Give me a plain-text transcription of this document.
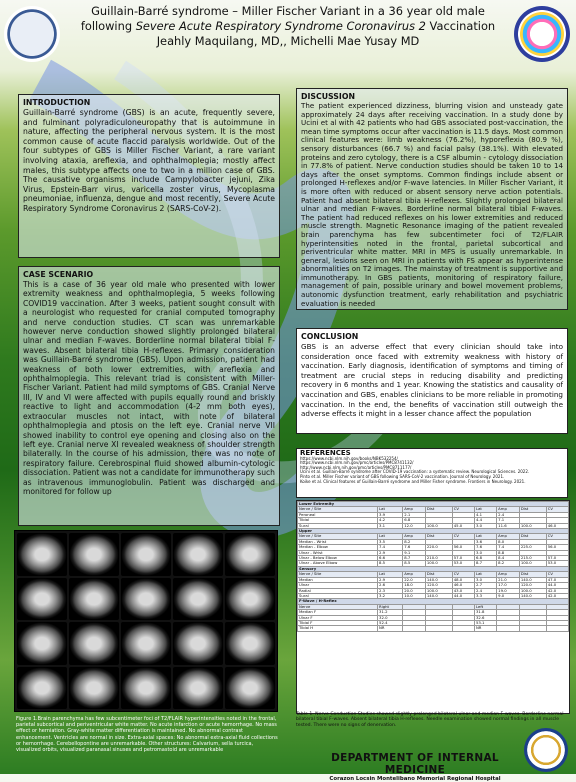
Guillain-Barré syndrome – Miller Fischer Variant in a 36 year old male
following Severe Acute Respiratory Syndrome Coronavirus 2 Vaccination
Jeahly Maquilang, MD,, Michelli Mae Yusay MD
INTRODUCTION
Guillain-Barré syndrome (GBS) is an acute, frequently severe, and fulminant polyradiculoneuropathy that is autoimmune in nature, affecting the peripheral nervous system. It is the most common cause of acute flaccid paralysis worldwide. Out of the four subtypes of GBS is Miller Fischer Variant, a rare variant involving ataxia, areflexia, and ophthalmoplegia; mostly affect males, this subtype affects one to two in a million case of GBS. The causative organisms include Campylobacter jejuni, Zika Virus, Epstein-Barr virus, varicella zoster virus, Mycoplasma pneumoniae, influenza, dengue and most recently, Severe Acute Respiratory Syndrome Coronavirus 2 (SARS-CoV-2).
CASE SCENARIO
This is a case of 36 year old male who presented with lower extremity weakness and ophthalmoplegia, 5 weeks following COVID19 vaccination. After 3 weeks, patient sought consult with a neurologist who requested for cranial computed tomography and nerve conduction studies. CT scan was unremarkable however nerve conduction showed slightly prolonged bilateral ulnar and median F-waves. Borderline normal bilateral tibial F-waves. Absent bilateral tibia H-reflexes. Primary consideration was Guillain-Barré syndrome (GBS). Upon admission, patient had weakness of both lower extremities, with areflexia and ophthalmoplegia. This relevant triad is consistent with Miller-Fischer Variant. Patient had mild symptoms of GBS. Cranial Nerve III, IV and VI were affected with pupils equally round and briskly reactive to light and accommodation (4-2 mm both eyes), extraocular muscles not intact, with note of bilateral ophthalmoplegia and ptosis on the left eye. Cranial nerve VII showed inability to control eye opening and closing also on the left eye. Cranial nerve XI revealed weakness of shoulder strength bilaterally. In the course of his admission, there was no note of respiratory failure. Cerebrospinal fluid showed albumin-cytologic dissociation. Patient was not a candidate for immunotherapy such as intravenous immunoglobulin. Patient was discharged and monitored for follow up
DISCUSSION
The patient experienced dizziness, blurring vision and unsteady gate approximately 24 days after receiving vaccination. In a study done by Ucini et al with 42 patients who had GBS associated post-vaccination, the mean time symptoms occur after vaccination is 11.5 days. Most common clinical features were: limb weakness (76.2%), hyporeflexia (80.9 %), sensory disturbances (66.7 %) and facial palsy (38.1%). With elevated proteins and zero cytology, there is a CSF albumin - cytology dissociation in 77.8% of patient. Nerve conduction studies should be taken 10 to 14 days after the onset symptoms. Common findings include absent or prolonged H-reflexes and/or F-wave latencies. In Miller Fischer Variant, it is more often with reduced or absent sensory nerve action potentials. Patient had absent bilateral tibia H-reflexes. Slightly prolonged bilateral ulnar and median F-waves. Borderline normal bilateral tibial F-waves. The patient had reduced reflexes on his lower extremities and reduced muscle strength. Magnetic Resonance imaging of the patient revealed brain parenchyma has few subcentimeter foci of T2/FLAIR hyperintensities noted in the frontal, parietal subcortical and periventricular white matter. MRI in MFS is usually unremarkable. In general, lesions seen on MRI in patients with FS appear as hyperintense abnormalities on T2 images. The mainstay of treatment is supportive and immunotherapy. In GBS patients, monitoring of respiratory failure, management of pain, possible urinary and bowel movement problems, autonomic dysfunction treatment, early rehabilitation and psychiatric evaluation is needed
CONCLUSION
GBS is an adverse effect that every clinician should take into consideration once faced with extremity weakness with history of vaccination. Early diagnosis, identification of symptoms and timing of treatment are crucial steps in reducing disability and predicting recovery in 6 months and 1 year. Knowing the statistics and causality of vaccination and GBS, enables clinicians to be more reliable in promoting vaccination. In the end, the benefits of vaccination still outweigh the adverse effects it might in a lesser chance affect the population
Figure 1.Brain parenchyma has few subcentimeter foci of T2/FLAIR hyperintensities noted in the frontal, parietal subcortical and periventricular white matter. No acute infarction or acute hemorrhage. No mass effect or herniation. Gray-white matter differentiation is maintained. No abnormal contrast enhancement. Ventricles are normal in size. Extra-axial spaces: No abnormal extra-axial fluid collections or hemorrhage. Cerebellopontine are unremarkable. Other structures: Calvarium, sella turcica, visualized orbits, visualized paranasal sinuses and petromastoid are unremarkable
REFERENCES
https://www.ncbi.nlm.nih.gov/books/NBK532254/
https://www.ncbi.nlm.nih.gov/pmc/articles/PMC8741132/
http://www.ncbi.nlm.nih.gov/pmc/articles/PMC8711177/
Ucini et al. Guillain-Barré syndrome after COVID-19 vaccination: a systematic review. Neurological Sciences. 2022.
Pinto et al. Miller Fischer variant of GBS following SARS-CoV-2 vaccination. Journal of Neurology. 2021.
Koike et al. Clinical features of Guillain-Barré syndrome and Miller Fisher syndrome. Frontiers in Neurology. 2021.
Lower Extremity								
Nerve / Site	Lat	Amp	Dist	CV	Lat	Amp	Dist	CV
Peroneal	3.9	2.1			4.1	2.4		
Tibial	4.2	6.8			4.4	7.1		
Sural	3.1	12.0	100.0	45.0	3.0	11.6	100.0	46.0
Upper								
Nerve / Site	Lat	Amp	Dist	CV	Lat	Amp	Dist	CV
Median - Wrist	3.5	8.2			3.6	8.0		
Median - Elbow	7.4	7.6	220.0	56.0	7.6	7.4	225.0	56.0
Ulnar - Wrist	2.9	9.1			3.0	8.8		
Ulnar - Below Elbow	6.6	8.7	210.0	57.0	6.8	8.4	215.0	57.0
Ulnar - Above Elbow	8.5	8.5	100.0	53.0	8.7	8.2	100.0	53.0
Sensory								
Nerve / Site	Lat	Amp	Dist	CV	Lat	Amp	Dist	CV
Median	2.9	22.0	140.0	48.0	3.0	21.0	140.0	47.0
Ulnar	2.6	18.0	120.0	46.0	2.7	17.0	120.0	44.0
Radial	2.3	20.0	100.0	43.0	2.4	19.0	100.0	42.0
Sural	3.2	10.0	140.0	44.0	3.3	9.0	140.0	42.0
F-Wave / H-Reflex								
Nerve	Right				Left			
Median F	31.2				31.8			
Ulnar F	32.0				32.6			
Tibial F	52.4				53.1			
Tibial H	NR				NR			
Table 1. Nerve Conduction Studies showed slightly prolonged bilateral ulnar and median F-waves. Borderline normal bilateral tibial F-waves. Absent bilateral tibia H-reflexes. Needle examination showed normal findings in all muscle tested. There were no signs of denervation.
DEPARTMENT OF INTERNAL MEDICINE
Corazon Locsin Montelibano Memorial Regional Hospital
